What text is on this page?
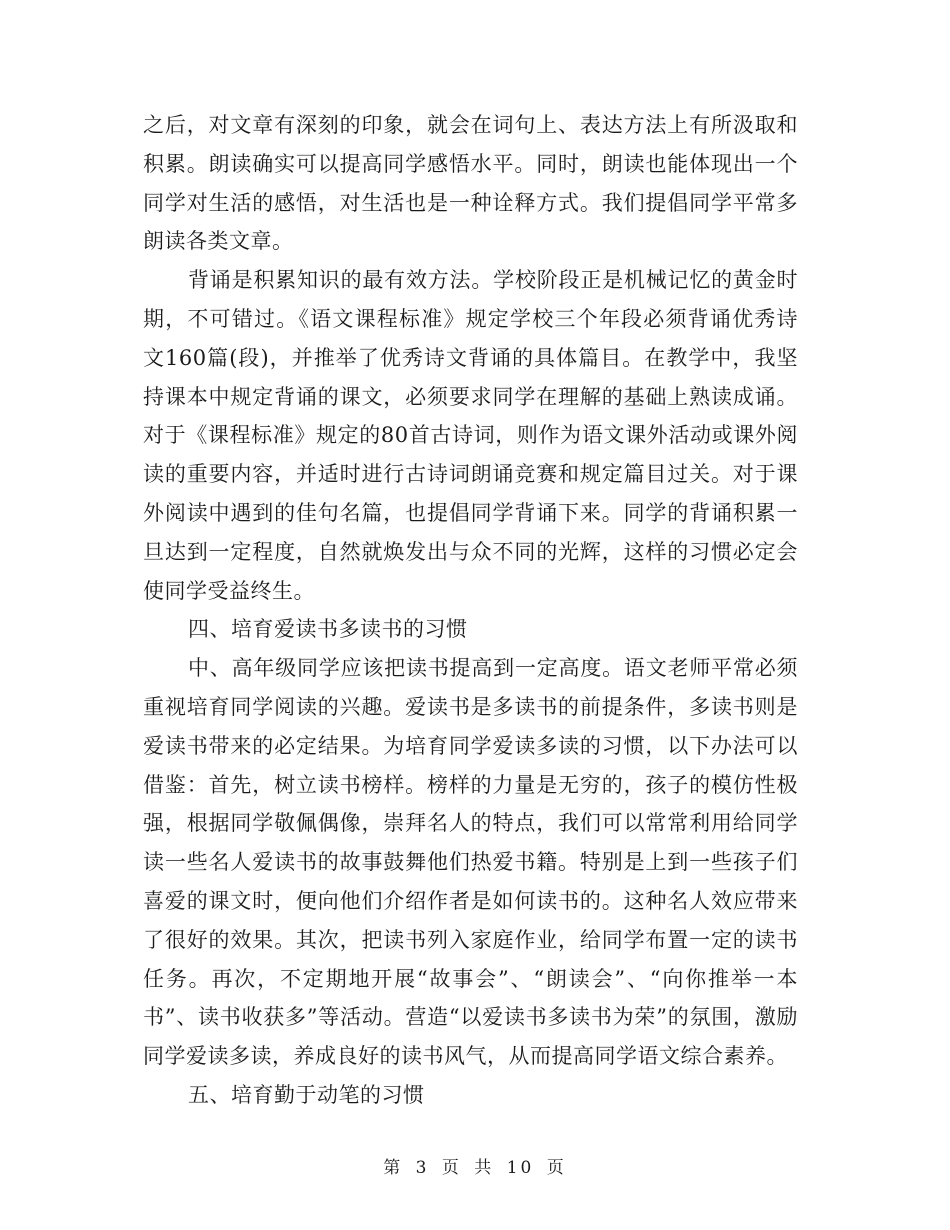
之后，对文章有深刻的印象，就会在词句上、表达方法上有所汲取和积累。朗读确实可以提高同学感悟水平。同时，朗读也能体现出一个同学对生活的感悟，对生活也是一种诠释方式。我们提倡同学平常多朗读各类文章。

背诵是积累知识的最有效方法。学校阶段正是机械记忆的黄金时期，不可错过。《语文课程标准》规定学校三个年段必须背诵优秀诗文160篇(段)，并推举了优秀诗文背诵的具体篇目。在教学中，我坚持课本中规定背诵的课文，必须要求同学在理解的基础上熟读成诵。对于《课程标准》规定的80首古诗词，则作为语文课外活动或课外阅读的重要内容，并适时进行古诗词朗诵竞赛和规定篇目过关。对于课外阅读中遇到的佳句名篇，也提倡同学背诵下来。同学的背诵积累一旦达到一定程度，自然就焕发出与众不同的光辉，这样的习惯必定会使同学受益终生。

四、培育爱读书多读书的习惯

中、高年级同学应该把读书提高到一定高度。语文老师平常必须重视培育同学阅读的兴趣。爱读书是多读书的前提条件，多读书则是爱读书带来的必定结果。为培育同学爱读多读的习惯，以下办法可以借鉴：首先，树立读书榜样。榜样的力量是无穷的，孩子的模仿性极强，根据同学敬佩偶像，崇拜名人的特点，我们可以常常利用给同学读一些名人爱读书的故事鼓舞他们热爱书籍。特别是上到一些孩子们喜爱的课文时，便向他们介绍作者是如何读书的。这种名人效应带来了很好的效果。其次，把读书列入家庭作业，给同学布置一定的读书任务。再次，不定期地开展“故事会”、“朗读会”、“向你推举一本书”、读书收获多”等活动。营造“以爱读书多读书为荣”的氛围，激励同学爱读多读，养成良好的读书风气，从而提高同学语文综合素养。

五、培育勤于动笔的习惯

第 3 页 共 10 页
